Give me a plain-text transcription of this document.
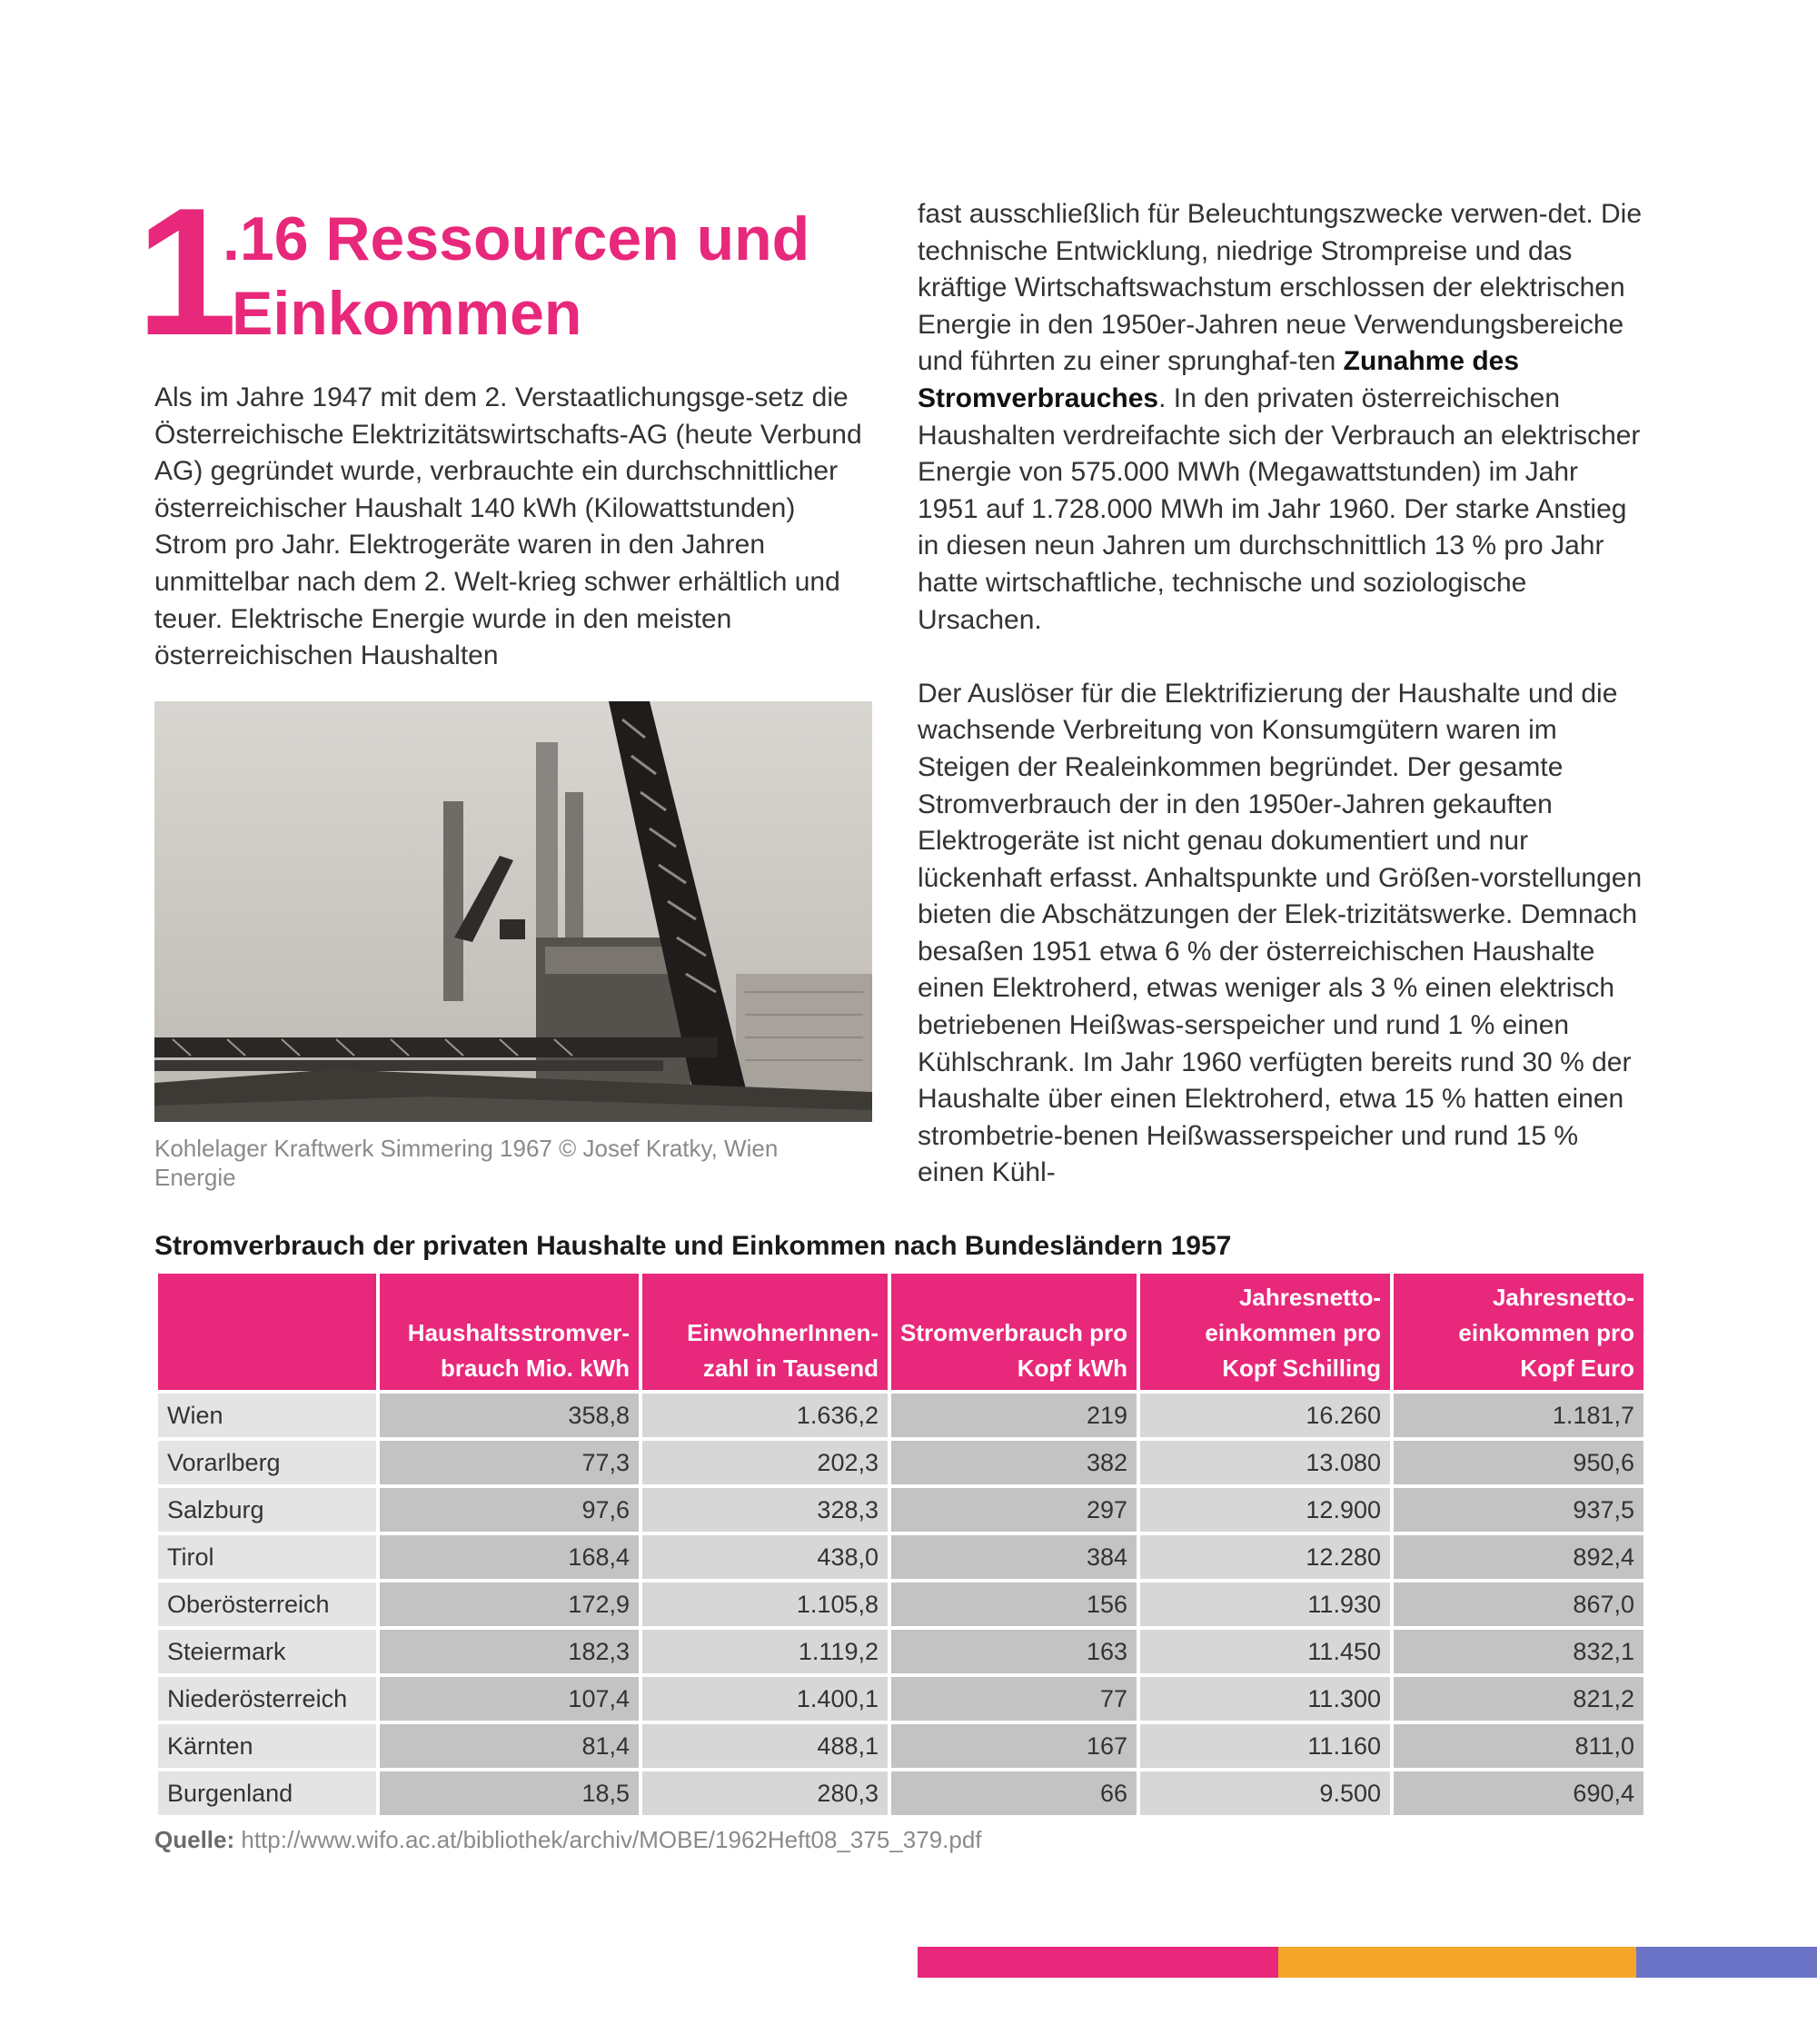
1
.16 Ressourcen und
Einkommen
Als im Jahre 1947 mit dem 2. Verstaatlichungsge-setz die Österreichische Elektrizitätswirtschafts-AG (heute Verbund AG) gegründet wurde, verbrauchte ein durchschnittlicher österreichischer Haushalt 140 kWh (Kilowattstunden) Strom pro Jahr. Elektrogeräte waren in den Jahren unmittelbar nach dem 2. Welt-krieg schwer erhältlich und teuer. Elektrische Energie wurde in den meisten österreichischen Haushalten
Kohlelager Kraftwerk Simmering 1967 © Josef Kratky, Wien Energie

fast ausschließlich für Beleuchtungszwecke verwen-det. Die technische Entwicklung, niedrige Strompreise und das kräftige Wirtschaftswachstum erschlossen der elektrischen Energie in den 1950er-Jahren neue Verwendungsbereiche und führten zu einer sprunghaf-ten Zunahme des Stromverbrauches. In den privaten österreichischen Haushalten verdreifachte sich der Verbrauch an elektrischer Energie von 575.000 MWh (Megawattstunden) im Jahr 1951 auf 1.728.000 MWh im Jahr 1960. Der starke Anstieg in diesen neun Jahren um durchschnittlich 13 % pro Jahr hatte wirtschaftliche, technische und soziologische Ursachen.

Der Auslöser für die Elektrifizierung der Haushalte und die wachsende Verbreitung von Konsumgütern waren im Steigen der Realeinkommen begründet. Der gesamte Stromverbrauch der in den 1950er-Jahren gekauften Elektrogeräte ist nicht genau dokumentiert und nur lückenhaft erfasst. Anhaltspunkte und Größen-vorstellungen bieten die Abschätzungen der Elek-trizitätswerke. Demnach besaßen 1951 etwa 6 % der österreichischen Haushalte einen Elektroherd, etwas weniger als 3 % einen elektrisch betriebenen Heißwas-serspeicher und rund 1 % einen Kühlschrank. Im Jahr 1960 verfügten bereits rund 30 % der Haushalte über einen Elektroherd, etwa 15 % hatten einen strombetrie-benen Heißwasserspeicher und rund 15 % einen Kühl-

Stromverbrauch der privaten Haushalte und Einkommen nach Bundesländern 1957
	Haushaltsstromver-brauch Mio. kWh	EinwohnerInnen-zahl in Tausend	Stromverbrauch pro Kopf kWh	Jahresnetto-einkommen pro Kopf Schilling	Jahresnetto-einkommen pro Kopf Euro
Wien	358,8	1.636,2	219	16.260	1.181,7
Vorarlberg	77,3	202,3	382	13.080	950,6
Salzburg	97,6	328,3	297	12.900	937,5
Tirol	168,4	438,0	384	12.280	892,4
Oberösterreich	172,9	1.105,8	156	11.930	867,0
Steiermark	182,3	1.119,2	163	11.450	832,1
Niederösterreich	107,4	1.400,1	77	11.300	821,2
Kärnten	81,4	488,1	167	11.160	811,0
Burgenland	18,5	280,3	66	9.500	690,4
Quelle: http://www.wifo.ac.at/bibliothek/archiv/MOBE/1962Heft08_375_379.pdf
